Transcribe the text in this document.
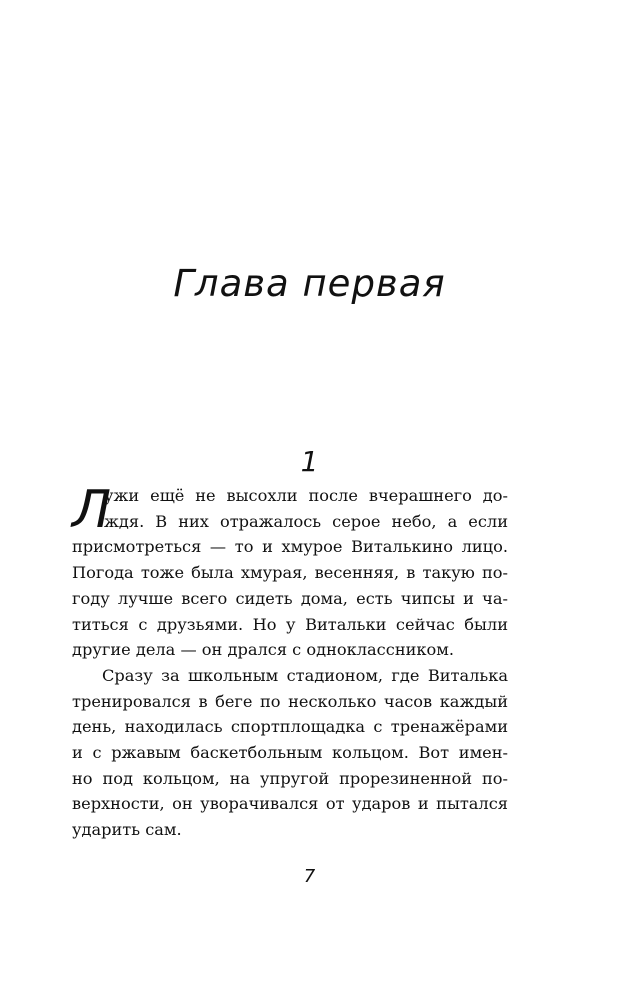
Глава первая
1
Л
ужи ещё не высохли после вчерашнего до-
ждя. В них отражалось серое небо, а если
присмотреться — то и хмурое Виталькино лицо.
Погода тоже была хмурая, весенняя, в такую по-
году лучше всего сидеть дома, есть чипсы и ча-
титься с друзьями. Но у Витальки сейчас были
другие дела — он дрался с одноклассником.
Сразу за школьным стадионом, где Виталька
тренировался в беге по несколько часов каждый
день, находилась спортплощадка с тренажёрами
и с ржавым баскетбольным кольцом. Вот имен-
но под кольцом, на упругой прорезиненной по-
верхности, он уворачивался от ударов и пытался
ударить сам.
7
